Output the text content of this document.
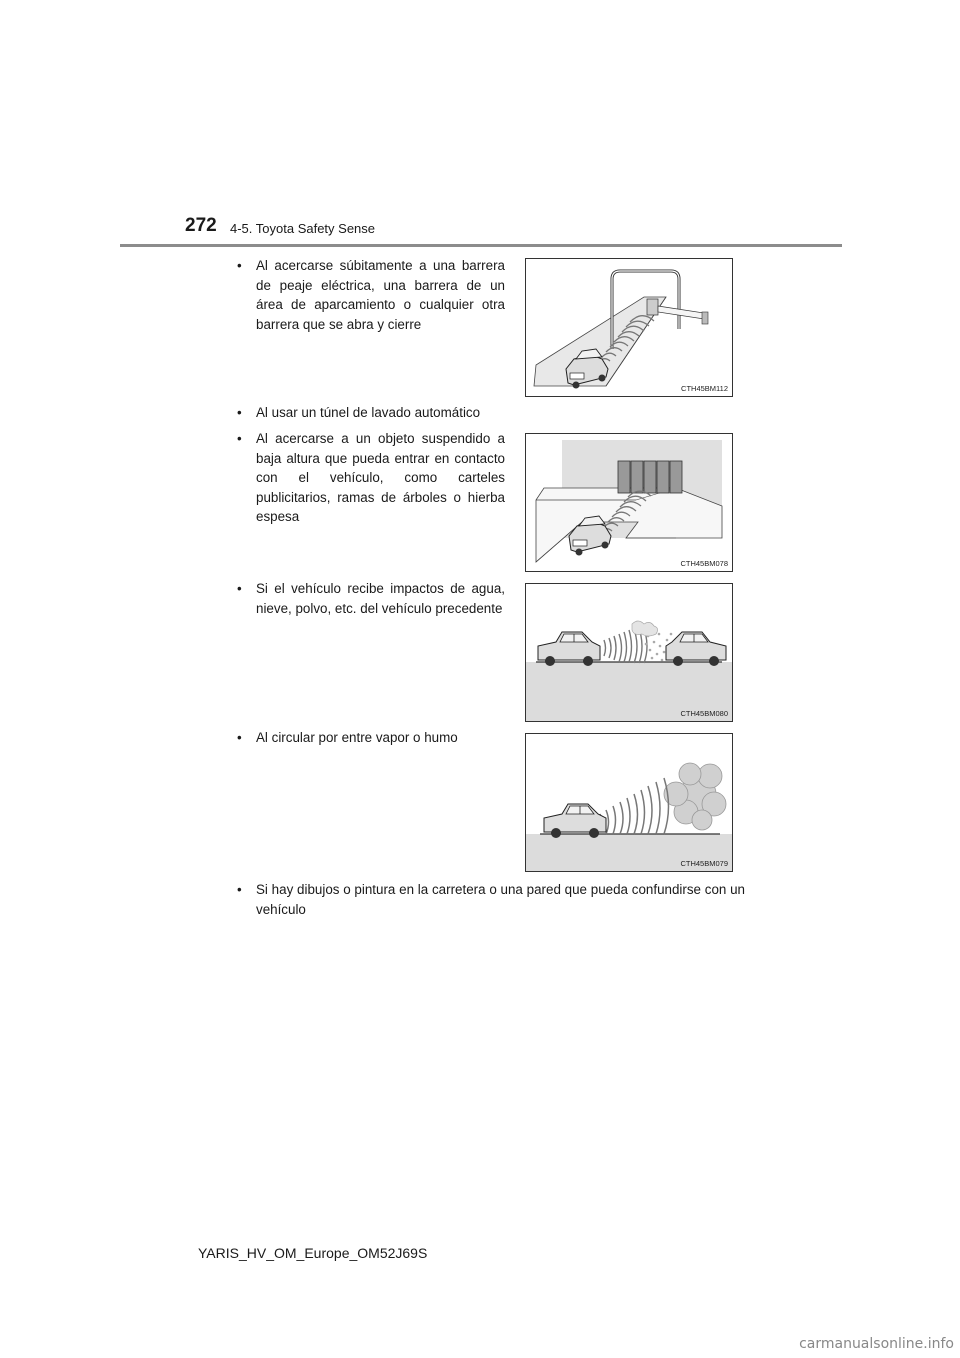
272 4-5. Toyota Safety Sense
• Al acercarse súbitamente a una barrera de peaje eléctrica, una barrera de un área de aparcamiento o cualquier otra barrera que se abra y cierre
CTH45BM112
• Al usar un túnel de lavado automático
• Al acercarse a un objeto suspendido a baja altura que pueda entrar en contacto con el vehículo, como carteles publicitarios, ramas de árboles o hierba espesa
CTH45BM078
• Si el vehículo recibe impactos de agua, nieve, polvo, etc. del vehículo precedente
CTH45BM080
• Al circular por entre vapor o humo
CTH45BM079
• Si hay dibujos o pintura en la carretera o una pared que pueda confundirse con un vehículo
YARIS_HV_OM_Europe_OM52J69S
carmanualsonline.info
